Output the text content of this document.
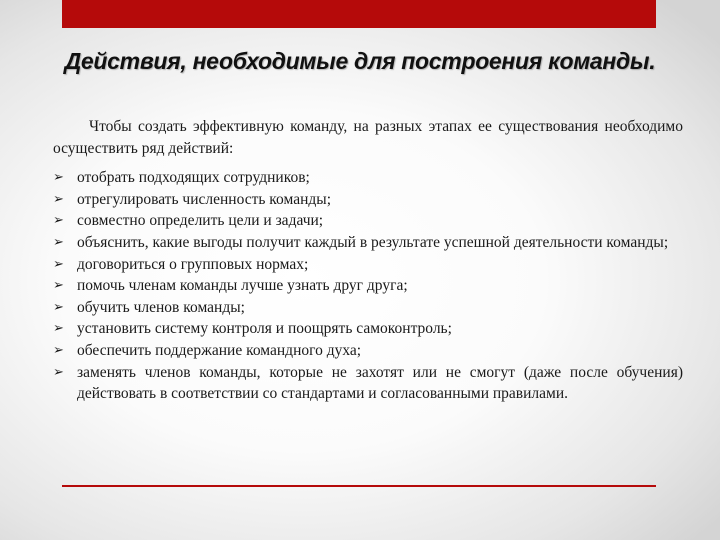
Действия, необходимые для построения команды.

Чтобы создать эффективную команду, на разных этапах ее существования необходимо осуществить ряд действий:

➢ отобрать подходящих сотрудников;
➢ отрегулировать численность команды;
➢ совместно определить цели и задачи;
➢ объяснить, какие выгоды получит каждый в результате успешной деятельности команды;
➢ договориться о групповых нормах;
➢ помочь членам команды лучше узнать друг друга;
➢ обучить членов команды;
➢ установить систему контроля и поощрять самоконтроль;
➢ обеспечить поддержание командного духа;
➢ заменять членов команды, которые не захотят или не смогут (даже после обучения) действовать в соответствии со стандартами и согласованными правилами.
